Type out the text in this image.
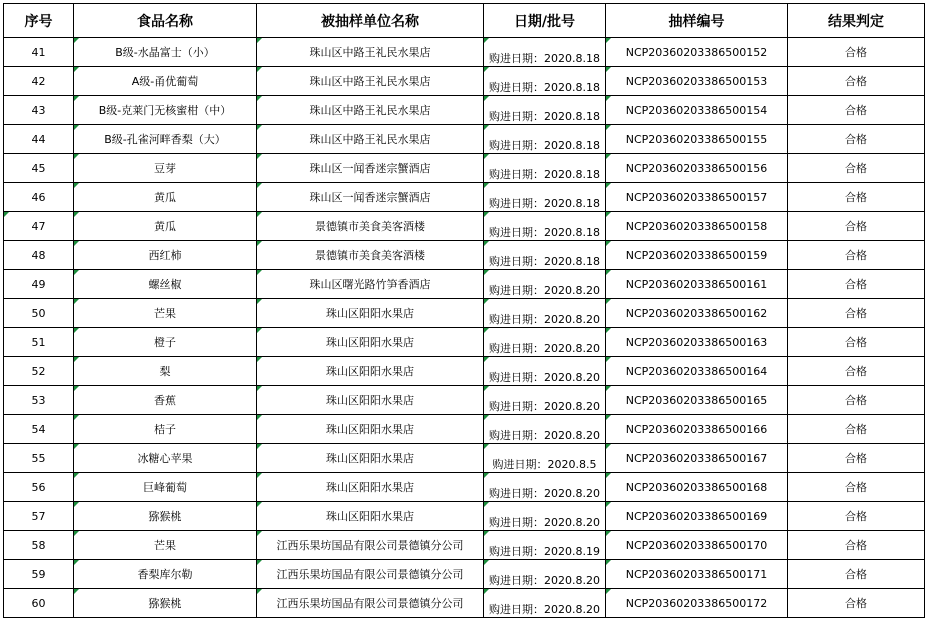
序号	食品名称	被抽样单位名称	日期/批号	抽样编号	结果判定
41	B级-水晶富士（小）	珠山区中路王礼民水果店	购进日期：2020.8.18	NCP20360203386500152	合格
42	A级-甬优葡萄	珠山区中路王礼民水果店	购进日期：2020.8.18	NCP20360203386500153	合格
43	B级-克莱门无核蜜柑（中）	珠山区中路王礼民水果店	购进日期：2020.8.18	NCP20360203386500154	合格
44	B级-孔雀河畔香梨（大）	珠山区中路王礼民水果店	购进日期：2020.8.18	NCP20360203386500155	合格
45	豆芽	珠山区一闻香迷宗蟹酒店	购进日期：2020.8.18	NCP20360203386500156	合格
46	黄瓜	珠山区一闻香迷宗蟹酒店	购进日期：2020.8.18	NCP20360203386500157	合格
47	黄瓜	景德镇市美食美客酒楼	购进日期：2020.8.18	NCP20360203386500158	合格
48	西红柿	景德镇市美食美客酒楼	购进日期：2020.8.18	NCP20360203386500159	合格
49	螺丝椒	珠山区曙光路竹笋香酒店	购进日期：2020.8.20	NCP20360203386500161	合格
50	芒果	珠山区阳阳水果店	购进日期：2020.8.20	NCP20360203386500162	合格
51	橙子	珠山区阳阳水果店	购进日期：2020.8.20	NCP20360203386500163	合格
52	梨	珠山区阳阳水果店	购进日期：2020.8.20	NCP20360203386500164	合格
53	香蕉	珠山区阳阳水果店	购进日期：2020.8.20	NCP20360203386500165	合格
54	桔子	珠山区阳阳水果店	购进日期：2020.8.20	NCP20360203386500166	合格
55	冰糖心苹果	珠山区阳阳水果店	购进日期：2020.8.5	NCP20360203386500167	合格
56	巨峰葡萄	珠山区阳阳水果店	购进日期：2020.8.20	NCP20360203386500168	合格
57	猕猴桃	珠山区阳阳水果店	购进日期：2020.8.20	NCP20360203386500169	合格
58	芒果	江西乐果坊国品有限公司景德镇分公司	购进日期：2020.8.19	NCP20360203386500170	合格
59	香梨库尔勒	江西乐果坊国品有限公司景德镇分公司	购进日期：2020.8.20	NCP20360203386500171	合格
60	猕猴桃	江西乐果坊国品有限公司景德镇分公司	购进日期：2020.8.20	NCP20360203386500172	合格
